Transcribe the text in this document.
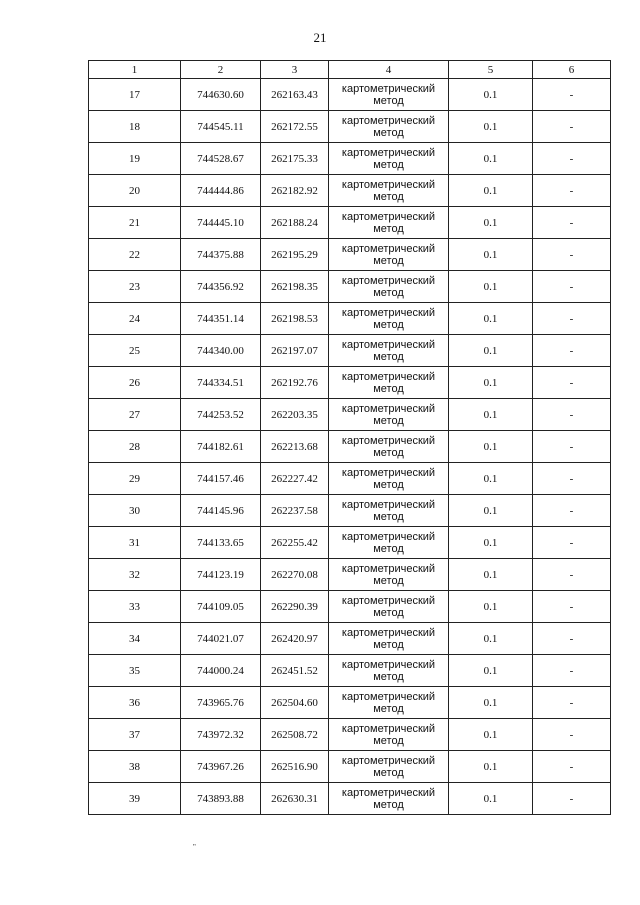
21
1	2	3	4	5	6
17	744630.60	262163.43	картометрический метод	0.1	-
18	744545.11	262172.55	картометрический метод	0.1	-
19	744528.67	262175.33	картометрический метод	0.1	-
20	744444.86	262182.92	картометрический метод	0.1	-
21	744445.10	262188.24	картометрический метод	0.1	-
22	744375.88	262195.29	картометрический метод	0.1	-
23	744356.92	262198.35	картометрический метод	0.1	-
24	744351.14	262198.53	картометрический метод	0.1	-
25	744340.00	262197.07	картометрический метод	0.1	-
26	744334.51	262192.76	картометрический метод	0.1	-
27	744253.52	262203.35	картометрический метод	0.1	-
28	744182.61	262213.68	картометрический метод	0.1	-
29	744157.46	262227.42	картометрический метод	0.1	-
30	744145.96	262237.58	картометрический метод	0.1	-
31	744133.65	262255.42	картометрический метод	0.1	-
32	744123.19	262270.08	картометрический метод	0.1	-
33	744109.05	262290.39	картометрический метод	0.1	-
34	744021.07	262420.97	картометрический метод	0.1	-
35	744000.24	262451.52	картометрический метод	0.1	-
36	743965.76	262504.60	картометрический метод	0.1	-
37	743972.32	262508.72	картометрический метод	0.1	-
38	743967.26	262516.90	картометрический метод	0.1	-
39	743893.88	262630.31	картометрический метод	0.1	-
"
